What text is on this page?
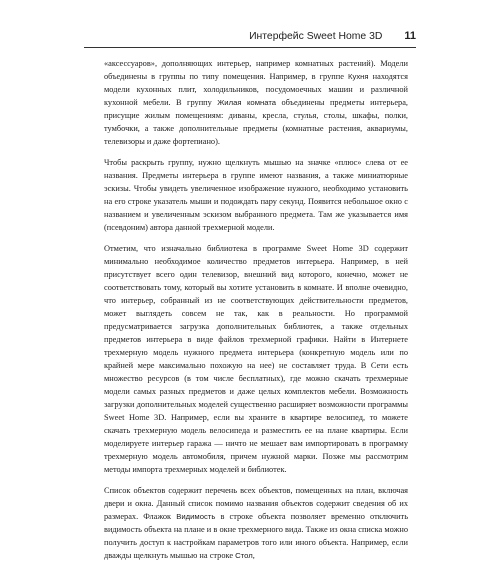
Интерфейс Sweet Home 3D 11

«аксессуаров», дополняющих интерьер, например комнатных растений). Модели объединены в группы по типу помещения. Например, в группе Кухня находятся модели кухонных плит, холодильников, посудомоечных машин и различной кухонной мебели. В группу Жилая комната объединены предметы интерьера, присущие жилым помещениям: диваны, кресла, стулья, столы, шкафы, полки, тумбочки, а также дополнительные предметы (комнатные растения, аквариумы, телевизоры и даже фортепиано).

Чтобы раскрыть группу, нужно щелкнуть мышью на значке «плюс» слева от ее названия. Предметы интерьера в группе имеют названия, а также миниатюрные эскизы. Чтобы увидеть увеличенное изображение нужного, необходимо установить на его строке указатель мыши и подождать пару секунд. Появится небольшое окно с названием и увеличенным эскизом выбранного предмета. Там же указывается имя (псевдоним) автора данной трехмерной модели.

Отметим, что изначально библиотека в программе Sweet Home 3D содержит минимально необходимое количество предметов интерьера. Например, в ней присутствует всего один телевизор, внешний вид которого, конечно, может не соответствовать тому, который вы хотите установить в комнате. И вполне очевидно, что интерьер, собранный из не соответствующих действительности предметов, может выглядеть совсем не так, как в реальности. Но программой предусматривается загрузка дополнительных библиотек, а также отдельных предметов интерьера в виде файлов трехмерной графики. Найти в Интернете трехмерную модель нужного предмета интерьера (конкретную модель или по крайней мере максимально похожую на нее) не составляет труда. В Сети есть множество ресурсов (в том числе бесплатных), где можно скачать трехмерные модели самых разных предметов и даже целых комплектов мебели. Возможность загрузки дополнительных моделей существенно расширяет возможности программы Sweet Home 3D. Например, если вы храните в квартире велосипед, то можете скачать трехмерную модель велосипеда и разместить ее на плане квартиры. Если моделируете интерьер гаража — ничто не мешает вам импортировать в программу трехмерную модель автомобиля, причем нужной марки. Позже мы рассмотрим методы импорта трехмерных моделей и библиотек.

Список объектов содержит перечень всех объектов, помещенных на план, включая двери и окна. Данный список помимо названия объектов содержит сведения об их размерах. Флажок Видимость в строке объекта позволяет временно отключить видимость объекта на плане и в окне трехмерного вида. Также из окна списка можно получить доступ к настройкам параметров того или иного объекта. Например, если дважды щелкнуть мышью на строке Стол,
